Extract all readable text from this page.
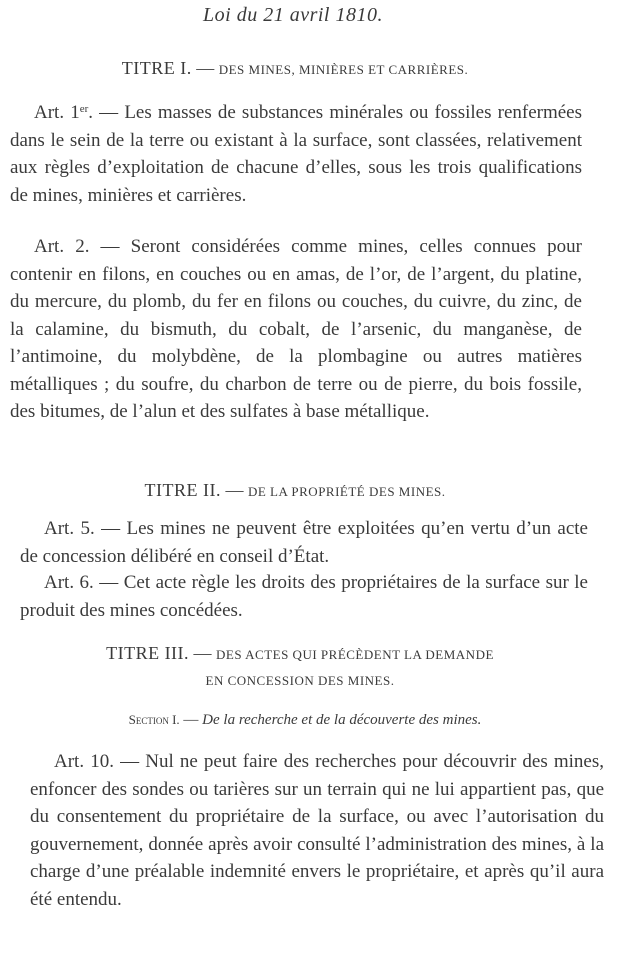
Loi du 21 avril 1810.
TITRE I. — DES MINES, MINIÈRES ET CARRIÈRES.
Art. 1er. — Les masses de substances minérales ou fossiles renfermées dans le sein de la terre ou existant à la surface, sont classées, relativement aux règles d’exploitation de chacune d’elles, sous les trois qualifications de mines, minières et carrières.
Art. 2. — Seront considérées comme mines, celles connues pour contenir en filons, en couches ou en amas, de l’or, de l’argent, du platine, du mercure, du plomb, du fer en filons ou couches, du cuivre, du zinc, de la calamine, du bismuth, du cobalt, de l’arsenic, du manganèse, de l’antimoine, du molybdène, de la plombagine ou autres matières métalliques ; du soufre, du charbon de terre ou de pierre, du bois fossile, des bitumes, de l’alun et des sulfates à base métallique.
TITRE II. — DE LA PROPRIÉTÉ DES MINES.
Art. 5. — Les mines ne peuvent être exploitées qu’en vertu d’un acte de concession délibéré en conseil d’État.
Art. 6. — Cet acte règle les droits des propriétaires de la surface sur le produit des mines concédées.
TITRE III. — DES ACTES QUI PRÉCÈDENT LA DEMANDE
EN CONCESSION DES MINES.
Section I. — De la recherche et de la découverte des mines.
Art. 10. — Nul ne peut faire des recherches pour découvrir des mines, enfoncer des sondes ou tarières sur un terrain qui ne lui appartient pas, que du consentement du propriétaire de la surface, ou avec l’autorisation du gouvernement, donnée après avoir consulté l’administration des mines, à la charge d’une préalable indemnité envers le propriétaire, et après qu’il aura été entendu.
